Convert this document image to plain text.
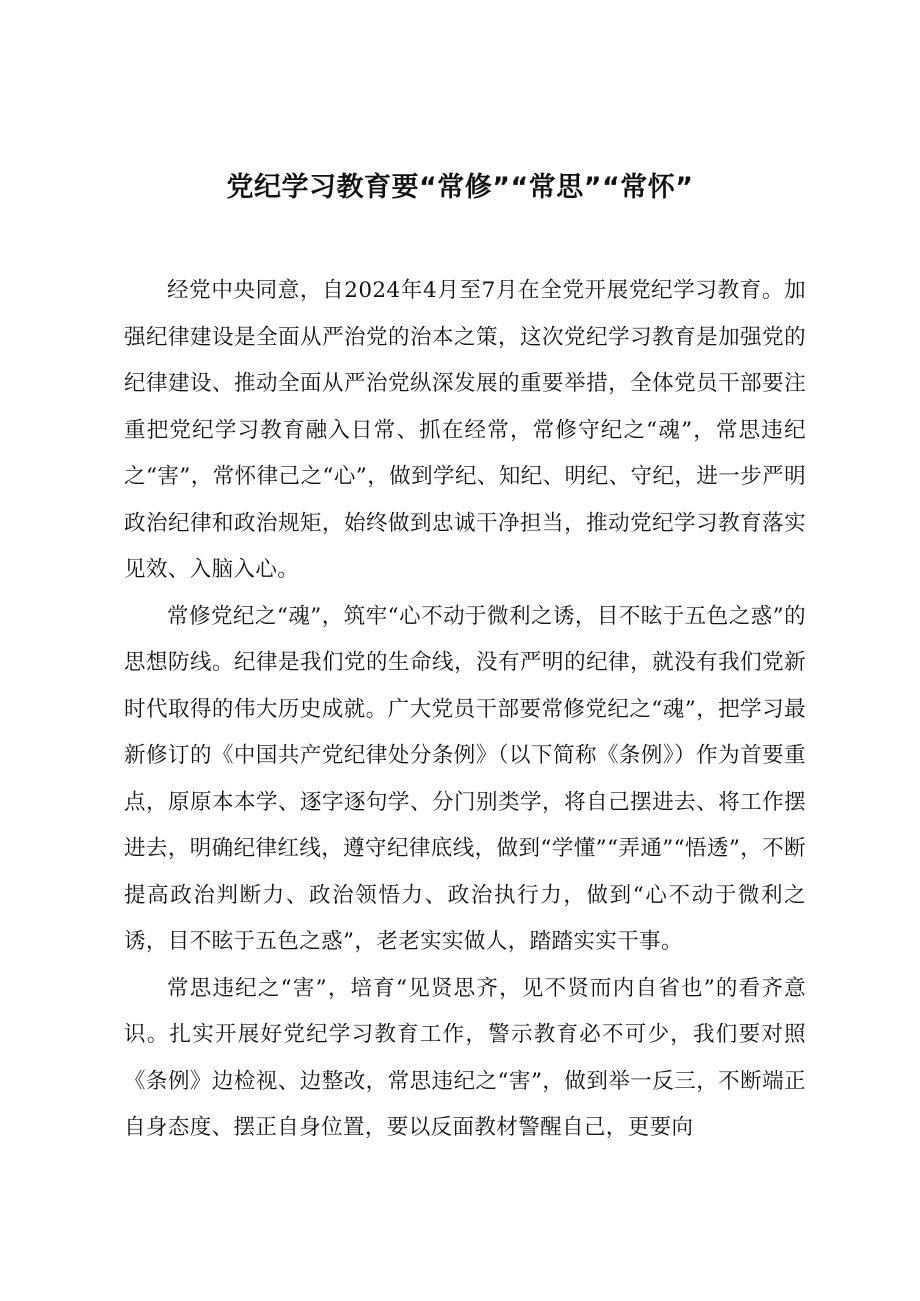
党纪学习教育要“常修”“常思”“常怀”

经党中央同意，自2024年4月至7月在全党开展党纪学习教育。加强纪律建设是全面从严治党的治本之策，这次党纪学习教育是加强党的纪律建设、推动全面从严治党纵深发展的重要举措，全体党员干部要注重把党纪学习教育融入日常、抓在经常，常修守纪之“魂”，常思违纪之“害”，常怀律己之“心”，做到学纪、知纪、明纪、守纪，进一步严明政治纪律和政治规矩，始终做到忠诚干净担当，推动党纪学习教育落实见效、入脑入心。

常修党纪之“魂”，筑牢“心不动于微利之诱，目不眩于五色之惑”的思想防线。纪律是我们党的生命线，没有严明的纪律，就没有我们党新时代取得的伟大历史成就。广大党员干部要常修党纪之“魂”，把学习最新修订的《中国共产党纪律处分条例》（以下简称《条例》）作为首要重点，原原本本学、逐字逐句学、分门别类学，将自己摆进去、将工作摆进去，明确纪律红线，遵守纪律底线，做到“学懂”“弄通”“悟透”，不断提高政治判断力、政治领悟力、政治执行力，做到“心不动于微利之诱，目不眩于五色之惑”，老老实实做人，踏踏实实干事。

常思违纪之“害”，培育“见贤思齐，见不贤而内自省也”的看齐意识。扎实开展好党纪学习教育工作，警示教育必不可少，我们要对照《条例》边检视、边整改，常思违纪之“害”，做到举一反三，不断端正自身态度、摆正自身位置，要以反面教材警醒自己，更要向
